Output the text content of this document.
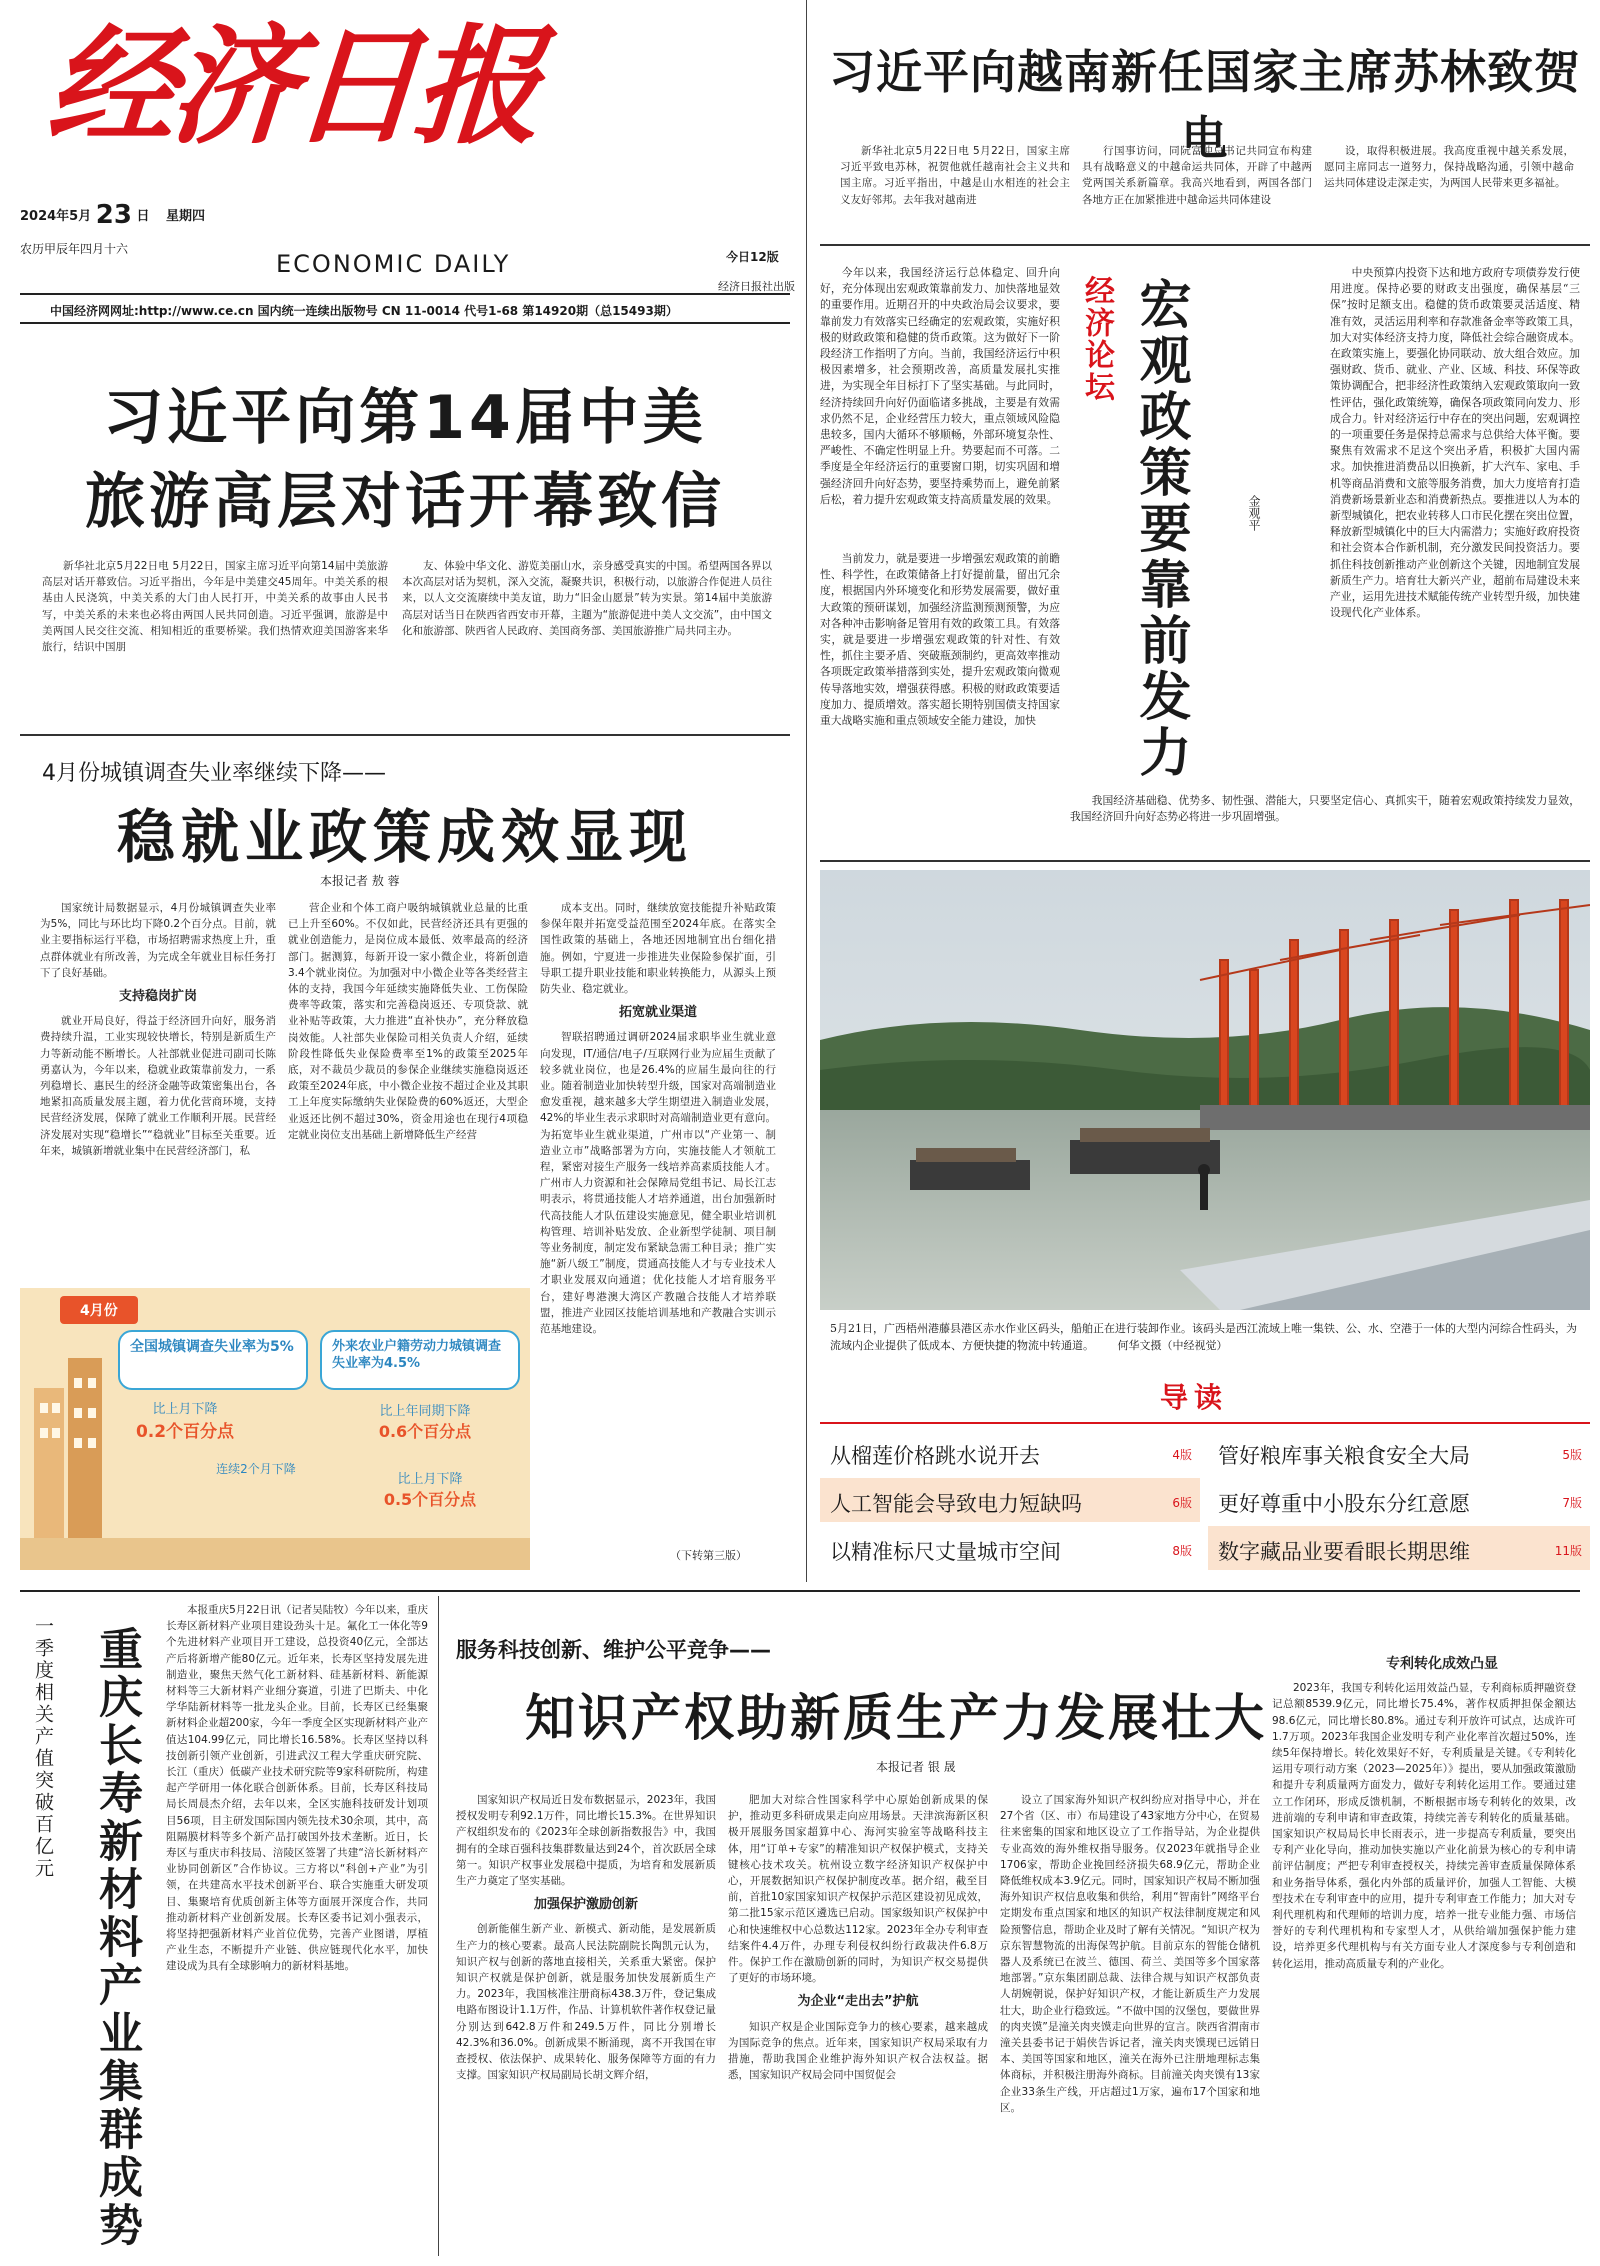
经济日报
2024年5月 23 日 星期四
农历甲辰年四月十六
ECONOMIC DAILY	今日12版
经济日报社出版
中国经济网网址:http://www.ce.cn 国内统一连续出版物号 CN 11-0014 代号1-68 第14920期（总15493期）
习近平向越南新任国家主席苏林致贺电
新华社北京5月22日电 5月22日，国家主席习近平致电苏林，祝贺他就任越南社会主义共和国主席。习近平指出，中越是山水相连的社会主义友好邻邦。去年我对越南进
行国事访问，同阮富仲总书记共同宣布构建具有战略意义的中越命运共同体，开辟了中越两党两国关系新篇章。我高兴地看到，两国各部门各地方正在加紧推进中越命运共同体建设
设，取得积极进展。我高度重视中越关系发展，愿同主席同志一道努力，保持战略沟通，引领中越命运共同体建设走深走实，为两国人民带来更多福祉。
习近平向第14届中美
旅游高层对话开幕致信
新华社北京5月22日电 5月22日，国家主席习近平向第14届中美旅游高层对话开幕致信。习近平指出，今年是中美建交45周年。中美关系的根基由人民浇筑，中美关系的大门由人民打开，中美关系的故事由人民书写，中美关系的未来也必将由两国人民共同创造。习近平强调，旅游是中美两国人民交往交流、相知相近的重要桥梁。我们热情欢迎美国游客来华旅行，结识中国朋
友、体验中华文化、游览美丽山水，亲身感受真实的中国。希望两国各界以本次高层对话为契机，深入交流，凝聚共识，积极行动，以旅游合作促进人员往来，以人文交流赓续中美友谊，助力“旧金山愿景”转为实景。第14届中美旅游高层对话当日在陕西省西安市开幕，主题为“旅游促进中美人文交流”，由中国文化和旅游部、陕西省人民政府、美国商务部、美国旅游推广局共同主办。
4月份城镇调查失业率继续下降——
稳就业政策成效显现
本报记者 敖 蓉
国家统计局数据显示，4月份城镇调查失业率为5%，同比与环比均下降0.2个百分点。目前，就业主要指标运行平稳，市场招聘需求热度上升，重点群体就业有所改善，为完成全年就业目标任务打下了良好基础。
支持稳岗扩岗
就业开局良好，得益于经济回升向好，服务消费持续升温，工业实现较快增长，特别是新质生产力等新动能不断增长。人社部就业促进司副司长陈勇嘉认为，今年以来，稳就业政策靠前发力，一系列稳增长、惠民生的经济金融等政策密集出台，各地紧扣高质量发展主题，着力优化营商环境，支持民营经济发展，保障了就业工作顺利开展。民营经济发展对实现“稳增长”“稳就业”目标至关重要。近年来，城镇新增就业集中在民营经济部门，私
营企业和个体工商户吸纳城镇就业总量的比重已上升至60%。不仅如此，民营经济还具有更强的就业创造能力，是岗位成本最低、效率最高的经济部门。据测算，每新开设一家小微企业，将新创造3.4个就业岗位。为加强对中小微企业等各类经营主体的支持，我国今年延续实施降低失业、工伤保险费率等政策，落实和完善稳岗返还、专项贷款、就业补贴等政策，大力推进“直补快办”，充分释放稳岗效能。人社部失业保险司相关负责人介绍，延续阶段性降低失业保险费率至1%的政策至2025年底，对不裁员少裁员的参保企业继续实施稳岗返还政策至2024年底，中小微企业按不超过企业及其职工上年度实际缴纳失业保险费的60%返还，大型企业返还比例不超过30%，资金用途也在现行4项稳定就业岗位支出基础上新增降低生产经营
成本支出。同时，继续放宽技能提升补贴政策参保年限并拓宽受益范围至2024年底。在落实全国性政策的基础上，各地还因地制宜出台细化措施。例如，宁夏进一步推进失业保险参保扩面，引导职工提升职业技能和职业转换能力，从源头上预防失业、稳定就业。
拓宽就业渠道
智联招聘通过调研2024届求职毕业生就业意向发现，IT/通信/电子/互联网行业为应届生贡献了较多就业岗位，也是26.4%的应届生最向往的行业。随着制造业加快转型升级，国家对高端制造业愈发重视，越来越多大学生期望进入制造业发展，42%的毕业生表示求职时对高端制造业更有意向。为拓宽毕业生就业渠道，广州市以“产业第一、制造业立市”战略部署为方向，实施技能人才领航工程，紧密对接生产服务一线培养高素质技能人才。广州市人力资源和社会保障局党组书记、局长江志明表示，将贯通技能人才培养通道，出台加强新时代高技能人才队伍建设实施意见，健全职业培训机构管理、培训补贴发放、企业新型学徒制、项目制等业务制度，制定发布紧缺急需工种目录；推广实施“新八级工”制度，贯通高技能人才与专业技术人才职业发展双向通道；优化技能人才培育服务平台，建好粤港澳大湾区产教融合技能人才培养联盟，推进产业园区技能培训基地和产教融合实训示范基地建设。
（下转第三版）
4月份
全国城镇调查失业率为5%
比上月下降
0.2个百分点
连续2个月下降
外来农业户籍劳动力城镇调查失业率为4.5%
比上年同期下降
0.6个百分点
比上月下降
0.5个百分点
今年以来，我国经济运行总体稳定、回升向好，充分体现出宏观政策靠前发力、加快落地显效的重要作用。近期召开的中央政治局会议要求，要靠前发力有效落实已经确定的宏观政策，实施好积极的财政政策和稳健的货币政策。这为做好下一阶段经济工作指明了方向。当前，我国经济运行中积极因素增多，社会预期改善，高质量发展扎实推进，为实现全年目标打下了坚实基础。与此同时，经济持续回升向好仍面临诸多挑战，主要是有效需求仍然不足，企业经营压力较大，重点领域风险隐患较多，国内大循环不够顺畅，外部环境复杂性、严峻性、不确定性明显上升。势要起而不可落。二季度是全年经济运行的重要窗口期，切实巩固和增强经济回升向好态势，要坚持乘势而上，避免前紧后松，着力提升宏观政策支持高质量发展的效果。
当前发力，就是要进一步增强宏观政策的前瞻性、科学性，在政策储备上打好提前量，留出冗余度，根据国内外环境变化和形势发展需要，做好重大政策的预研谋划，加强经济监测预测预警，为应对各种冲击影响备足管用有效的政策工具。有效落实，就是要进一步增强宏观政策的针对性、有效性，抓住主要矛盾、突破瓶颈制约，更高效率推动各项既定政策举措落到实处，提升宏观政策向微观传导落地实效，增强获得感。积极的财政政策要适度加力、提质增效。落实超长期特别国债支持国家重大战略实施和重点领域安全能力建设，加快
经济论坛 宏观政策要靠前发力	金观平
中央预算内投资下达和地方政府专项债券发行使用进度。保持必要的财政支出强度，确保基层“三保”按时足额支出。稳健的货币政策要灵活适度、精准有效，灵活运用利率和存款准备金率等政策工具，加大对实体经济支持力度，降低社会综合融资成本。在政策实施上，要强化协同联动、放大组合效应。加强财政、货币、就业、产业、区域、科技、环保等政策协调配合，把非经济性政策纳入宏观政策取向一致性评估，强化政策统筹，确保各项政策同向发力、形成合力。针对经济运行中存在的突出问题，宏观调控的一项重要任务是保持总需求与总供给大体平衡。要聚焦有效需求不足这个突出矛盾，积极扩大国内需求。加快推进消费品以旧换新，扩大汽车、家电、手机等商品消费和文旅等服务消费，加大力度培育打造消费新场景新业态和消费新热点。要推进以人为本的新型城镇化，把农业转移人口市民化摆在突出位置，释放新型城镇化中的巨大内需潜力；实施好政府投资和社会资本合作新机制，充分激发民间投资活力。要抓住科技创新推动产业创新这个关键，因地制宜发展新质生产力。培育壮大新兴产业，超前布局建设未来产业，运用先进技术赋能传统产业转型升级，加快建设现代化产业体系。
我国经济基础稳、优势多、韧性强、潜能大，只要坚定信心、真抓实干，随着宏观政策持续发力显效，我国经济回升向好态势必将进一步巩固增强。
5月21日，广西梧州港藤县港区赤水作业区码头，船舶正在进行装卸作业。该码头是西江流域上唯一集铁、公、水、空港于一体的大型内河综合性码头，为流域内企业提供了低成本、方便快捷的物流中转通道。 何华文摄（中经视觉）
导读
从榴莲价格跳水说开去	4版 管好粮库事关粮食安全大局	5版
人工智能会导致电力短缺吗	6版 更好尊重中小股东分红意愿	7版
以精准标尺丈量城市空间	8版 数字藏品业要看眼长期思维	11版
一季度相关产值突破百亿元 重庆长寿新材料产业集群成势
本报重庆5月22日讯（记者吴陆牧）今年以来，重庆长寿区新材料产业项目建设劲头十足。氟化工一体化等9个先进材料产业项目开工建设，总投资40亿元，全部达产后将新增产能80亿元。近年来，长寿区坚持发展先进制造业，聚焦天然气化工新材料、硅基新材料、新能源材料等三大新材料产业细分赛道，引进了巴斯夫、中化学华陆新材料等一批龙头企业。目前，长寿区已经集聚新材料企业超200家，今年一季度全区实现新材料产业产值达104.99亿元，同比增长16.58%。长寿区坚持以科技创新引领产业创新，引进武汉工程大学重庆研究院、长江（重庆）低碳产业技术研究院等9家科研院所，构建起产学研用一体化联合创新体系。目前，长寿区科技局局长周晨杰介绍，去年以来，全区实施科技研发计划项目56项，目主研发国际国内领先技术30余项，其中，高阻隔膜材料等多个新产品打破国外技术垄断。近日，长寿区与重庆市科技局、涪陵区签署了共建“涪长新材料产业协同创新区”合作协议。三方将以“科创+产业”为引领，在共建高水平技术创新平台、联合实施重大研发项目、集聚培育优质创新主体等方面展开深度合作，共同推动新材料产业创新发展。长寿区委书记刘小强表示，将坚持把强新材料产业首位优势，完善产业图谱，厚植产业生态，不断提升产业链、供应链现代化水平，加快建设成为具有全球影响力的新材料基地。
服务科技创新、维护公平竞争——
知识产权助新质生产力发展壮大
本报记者 银 晟
国家知识产权局近日发布数据显示，2023年，我国授权发明专利92.1万件，同比增长15.3%。在世界知识产权组织发布的《2023年全球创新指数报告》中，我国拥有的全球百强科技集群数量达到24个，首次跃居全球第一。知识产权事业发展稳中提质，为培育和发展新质生产力奠定了坚实基础。
加强保护激励创新
创新能催生新产业、新模式、新动能，是发展新质生产力的核心要素。最高人民法院副院长陶凯元认为，知识产权与创新的落地直接相关，关系重大紧密。保护知识产权就是保护创新，就是服务加快发展新质生产力。2023年，我国核准注册商标438.3万件，登记集成电路布图设计1.1万件，作品、计算机软件著作权登记量分别达到642.8万件和249.5万件，同比分别增长42.3%和36.0%。创新成果不断涌现，离不开我国在审查授权、依法保护、成果转化、服务保障等方面的有力支撑。国家知识产权局副局长胡文辉介绍，
肥加大对综合性国家科学中心原始创新成果的保护，推动更多科研成果走向应用场景。天津滨海新区积极开展服务国家超算中心、海河实验室等战略科技主体，用“订单+专家”的精准知识产权保护模式，支持关键核心技术攻关。杭州设立数字经济知识产权保护中心，开展数据知识产权保护制度改革。据介绍，截至目前，首批10家国家知识产权保护示范区建设初见成效，第二批15家示范区遴选已启动。国家级知识产权保护中心和快速维权中心总数达112家。2023年全办专利审查结案件4.4万件，办理专利侵权纠纷行政裁决件6.8万件。保护工作在激励创新的同时，为知识产权交易提供了更好的市场环境。
为企业“走出去”护航
知识产权是企业国际竞争力的核心要素，越来越成为国际竞争的焦点。近年来，国家知识产权局采取有力措施，帮助我国企业维护海外知识产权合法权益。据悉，国家知识产权局会同中国贸促会
设立了国家海外知识产权纠纷应对指导中心，并在27个省（区、市）布局建设了43家地方分中心，在贸易往来密集的国家和地区设立了工作指导站，为企业提供专业高效的海外维权指导服务。仅2023年就指导企业1706家，帮助企业挽回经济损失68.9亿元，帮助企业降低维权成本3.9亿元。同时，国家知识产权局不断加强海外知识产权信息收集和供给，利用“智南针”网络平台定期发布重点国家和地区的知识产权法律制度规定和风险预警信息，帮助企业及时了解有关情况。“知识产权为京东智慧物流的出海保驾护航。目前京东的智能仓储机器人及系统已在波兰、德国、荷兰、美国等多个国家落地部署。”京东集团副总裁、法律合规与知识产权部负责人胡婉朝说，保护好知识产权，才能让新质生产力发展壮大，助企业行稳致远。“不做中国的汉堡包，要做世界的肉夹馍”是潼关肉夹馍走向世界的宣言。陕西省渭南市潼关县委书记于娟侠告诉记者，潼关肉夹馍现已远销日本、美国等国家和地区，潼关在海外已注册地理标志集体商标，并积极注册海外商标。目前潼关肉夹馍有13家企业33条生产线，开店超过1万家，遍布17个国家和地区。
专利转化成效凸显
2023年，我国专利转化运用效益凸显，专利商标质押融资登记总额8539.9亿元，同比增长75.4%，著作权质押担保金额达98.6亿元，同比增长80.8%。通过专利开放许可试点，达成许可1.7万项。2023年我国企业发明专利产业化率首次超过50%，连续5年保持增长。转化效果好不好，专利质量是关键。《专利转化运用专项行动方案（2023—2025年）》提出，要从加强政策激励和提升专利质量两方面发力，做好专利转化运用工作。要通过建立工作闭环，形成反馈机制，不断根据市场专利转化的效果，改进前端的专利申请和审查政策，持续完善专利转化的质量基础。国家知识产权局局长申长雨表示，进一步提高专利质量，要突出专利产业化导向，推动加快实施以产业化前景为核心的专利申请前评估制度；严把专利审查授权关，持续完善审查质量保障体系和业务指导体系，强化内外部的质量评价，加强人工智能、大模型技术在专利审查中的应用，提升专利审查工作能力；加大对专利代理机构和代理师的培训力度，培养一批专业能力强、市场信誉好的专利代理机构和专家型人才，从供给端加强保护能力建设，培养更多代理机构与有关方面专业人才深度参与专利创造和转化运用，推动高质量专利的产业化。
